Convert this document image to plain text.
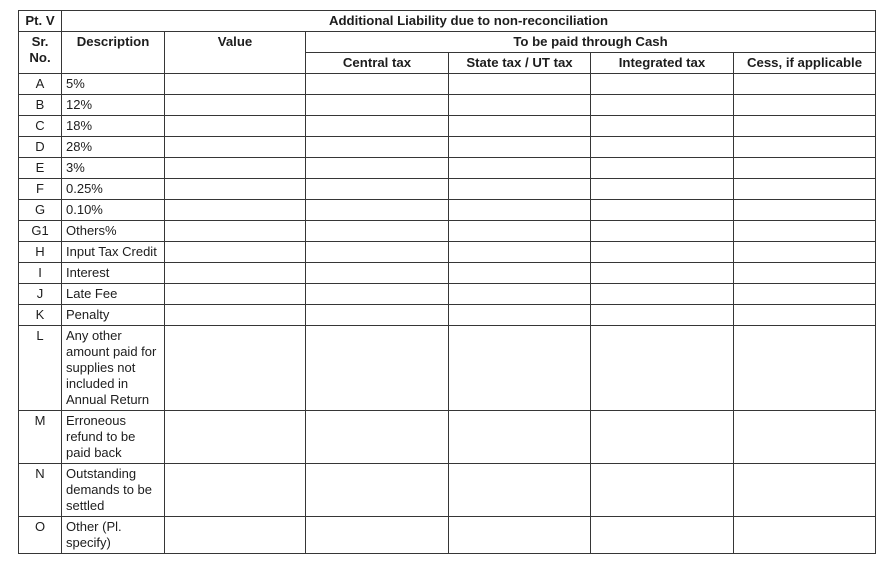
Pt. V	Additional Liability due to non-reconciliation					
Sr. No.	Description	Value	To be paid through Cash			
			Central tax	State tax / UT tax	Integrated tax	Cess, if applicable
A	5%					
B	12%					
C	18%					
D	28%					
E	3%					
F	0.25%					
G	0.10%					
G1	Others%					
H	Input Tax Credit					
I	Interest					
J	Late Fee					
K	Penalty					
L	Any other amount paid for supplies not included in Annual Return					
M	Erroneous refund to be paid back					
N	Outstanding demands to be settled					
O	Other (Pl. specify)					
